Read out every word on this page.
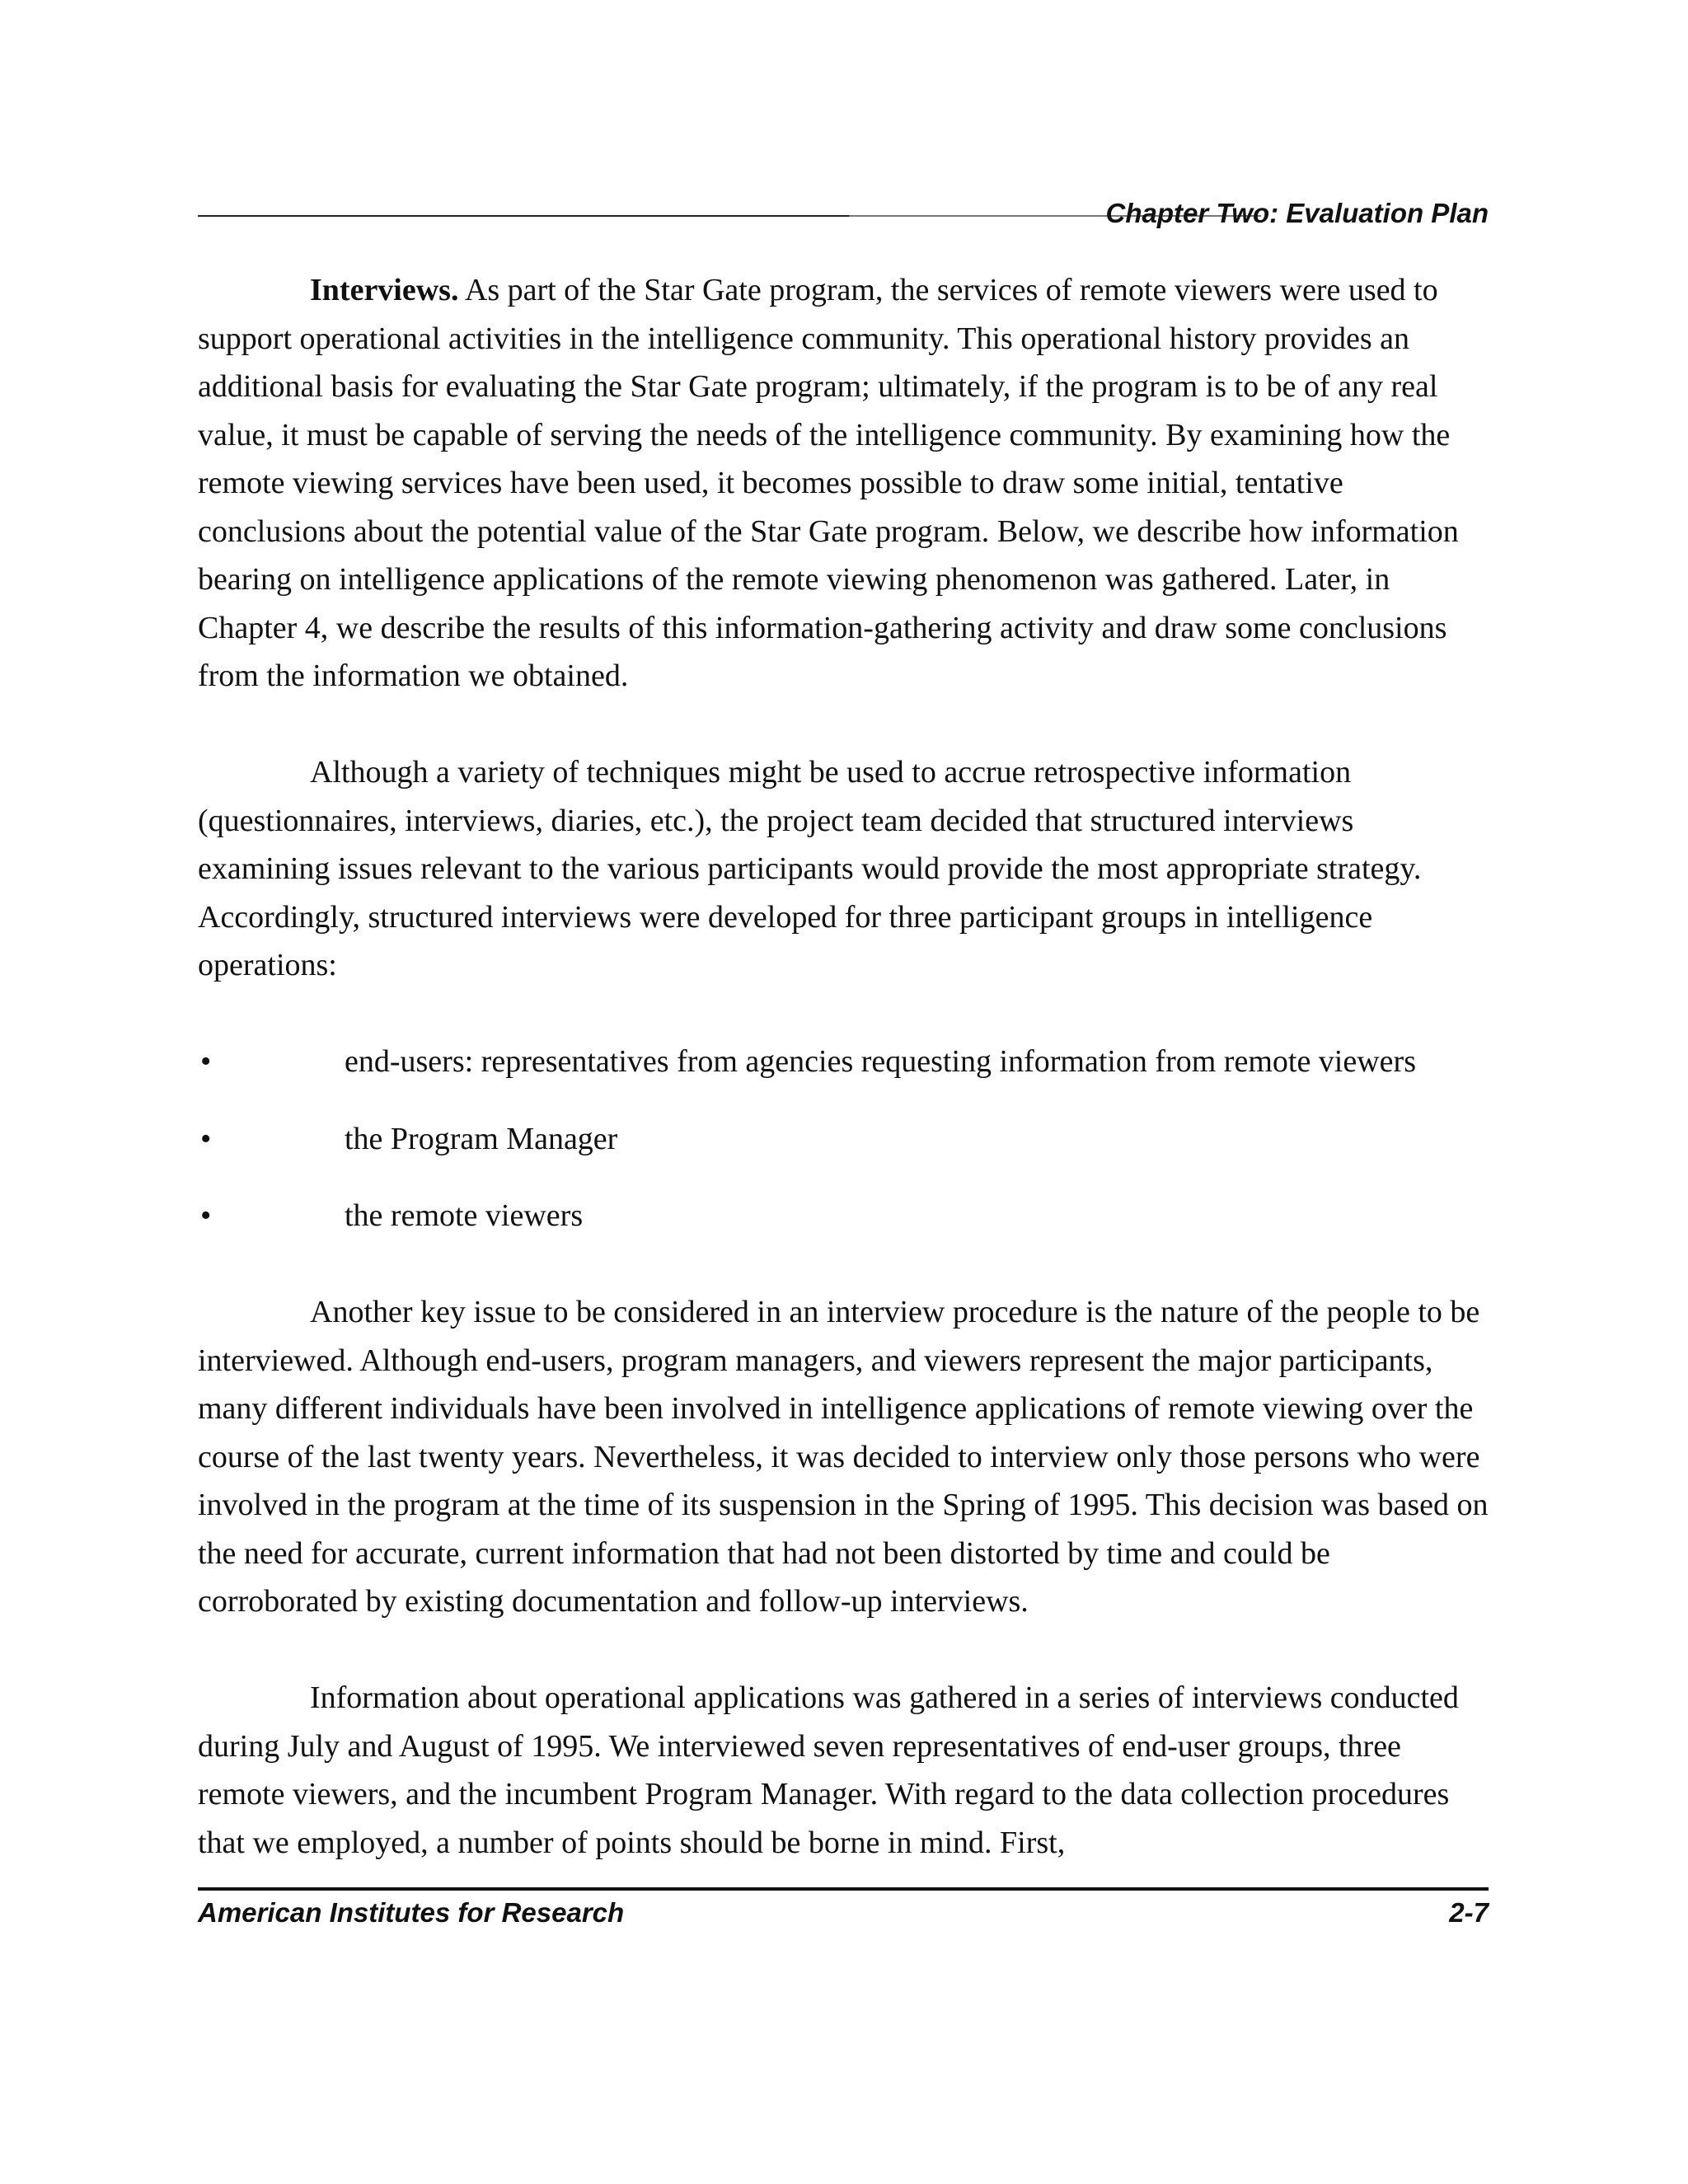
Chapter Two: Evaluation Plan

Interviews. As part of the Star Gate program, the services of remote viewers were used to support operational activities in the intelligence community. This operational history provides an additional basis for evaluating the Star Gate program; ultimately, if the program is to be of any real value, it must be capable of serving the needs of the intelligence community. By examining how the remote viewing services have been used, it becomes possible to draw some initial, tentative conclusions about the potential value of the Star Gate program. Below, we describe how information bearing on intelligence applications of the remote viewing phenomenon was gathered. Later, in Chapter 4, we describe the results of this information-gathering activity and draw some conclusions from the information we obtained.

Although a variety of techniques might be used to accrue retrospective information (questionnaires, interviews, diaries, etc.), the project team decided that structured interviews examining issues relevant to the various participants would provide the most appropriate strategy. Accordingly, structured interviews were developed for three participant groups in intelligence operations:

•	end-users: representatives from agencies requesting information from remote viewers
•	the Program Manager
•	the remote viewers

Another key issue to be considered in an interview procedure is the nature of the people to be interviewed. Although end-users, program managers, and viewers represent the major participants, many different individuals have been involved in intelligence applications of remote viewing over the course of the last twenty years. Nevertheless, it was decided to interview only those persons who were involved in the program at the time of its suspension in the Spring of 1995. This decision was based on the need for accurate, current information that had not been distorted by time and could be corroborated by existing documentation and follow-up interviews.

Information about operational applications was gathered in a series of interviews conducted during July and August of 1995. We interviewed seven representatives of end-user groups, three remote viewers, and the incumbent Program Manager. With regard to the data collection procedures that we employed, a number of points should be borne in mind. First,

American Institutes for Research	2-7
